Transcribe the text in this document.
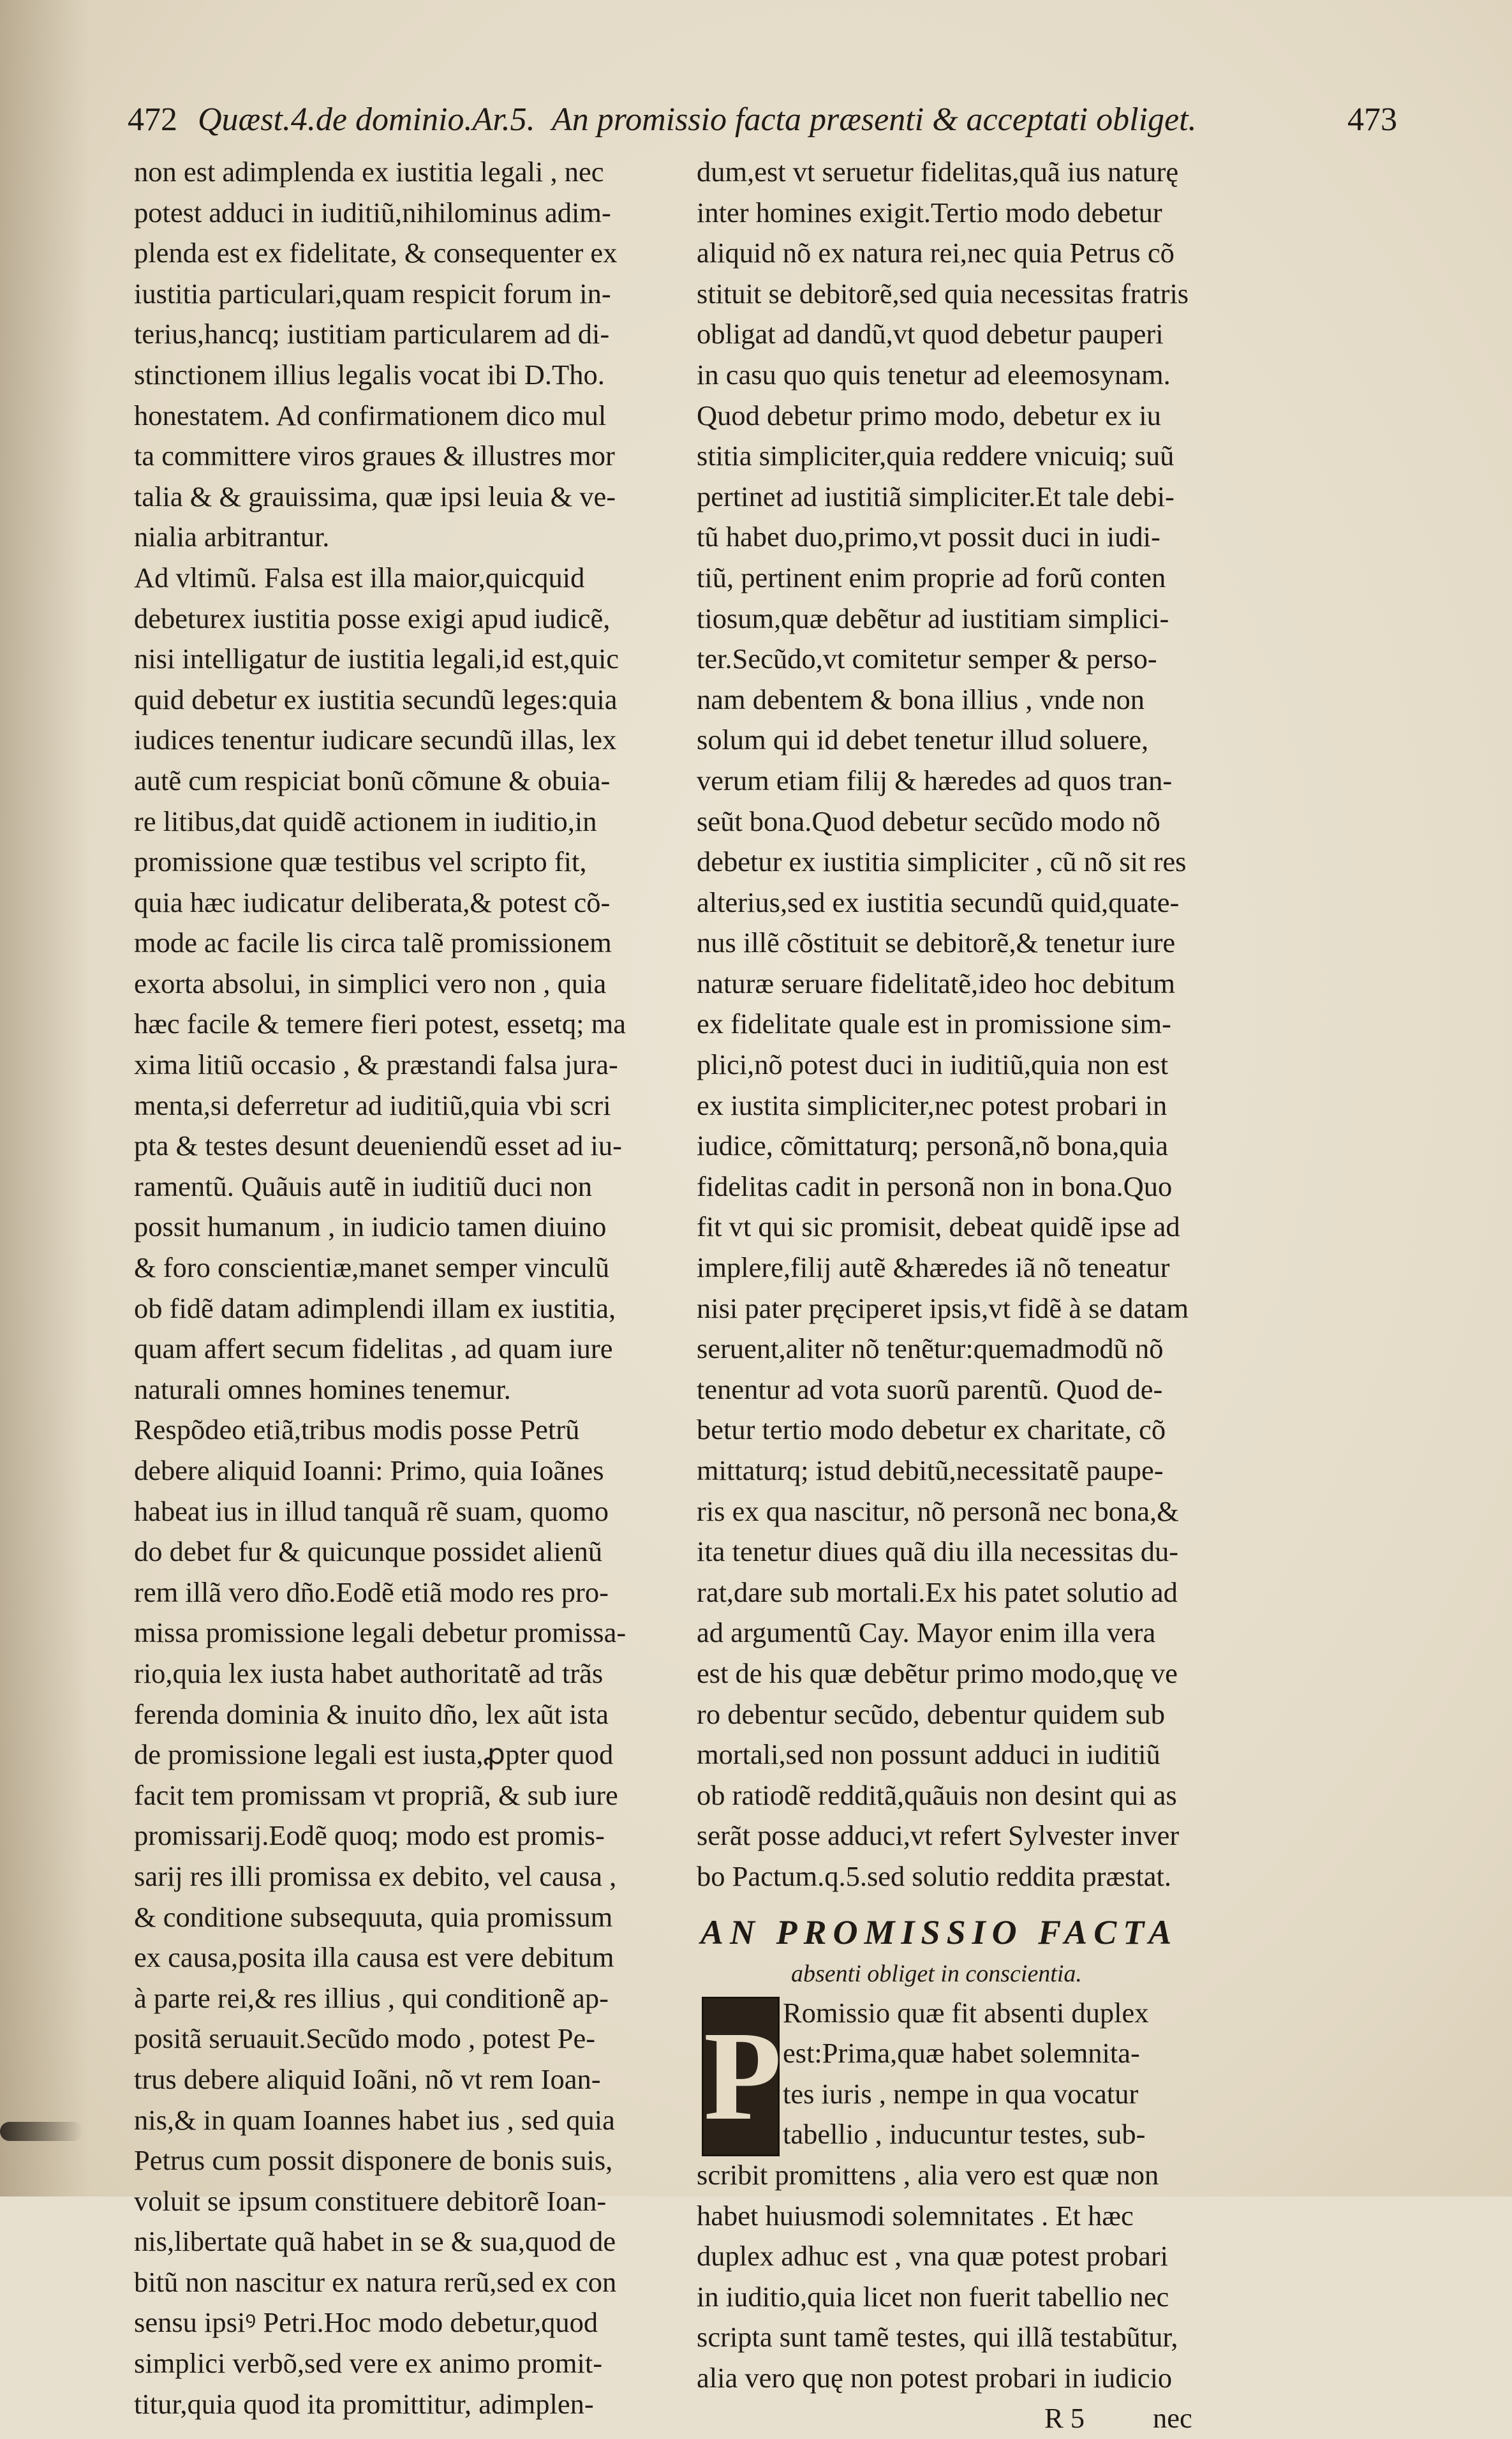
472 Quæst.4.de dominio.Ar.5. An promissio facta præsenti & acceptati obliget.	473
non est adimplenda ex iustitia legali , nec
potest adduci in iuditiũ,nihilominus adim-
plenda est ex fidelitate, & consequenter ex
iustitia particulari,quam respicit forum in-
terius,hancq; iustitiam particularem ad di-
stinctionem illius legalis vocat ibi D.Tho.
honestatem. Ad confirmationem dico mul
ta committere viros graues & illustres mor
talia & & grauissima, quæ ipsi leuia & ve-
nialia arbitrantur.
Ad vltimũ. Falsa est illa maior,quicquid
debeturex iustitia posse exigi apud iudicẽ,
nisi intelligatur de iustitia legali,id est,quic
quid debetur ex iustitia secundũ leges:quia
iudices tenentur iudicare secundũ illas, lex
autẽ cum respiciat bonũ cõmune & obuia-
re litibus,dat quidẽ actionem in iuditio,in
promissione quæ testibus vel scripto fit,
quia hæc iudicatur deliberata,& potest cõ-
mode ac facile lis circa talẽ promissionem
exorta absolui, in simplici vero non , quia
hæc facile & temere fieri potest, essetq; ma
xima litiũ occasio , & præstandi falsa jura-
menta,si deferretur ad iuditiũ,quia vbi scri
pta & testes desunt deueniendũ esset ad iu-
ramentũ. Quãuis autẽ in iuditiũ duci non
possit humanum , in iudicio tamen diuino
& foro conscientiæ,manet semper vinculũ
ob fidẽ datam adimplendi illam ex iustitia,
quam affert secum fidelitas , ad quam iure
naturali omnes homines tenemur.
Respõdeo etiã,tribus modis posse Petrũ
debere aliquid Ioanni: Primo, quia Ioãnes
habeat ius in illud tanquã rẽ suam, quomo
do debet fur & quicunque possidet alienũ
rem illã vero dño.Eodẽ etiã modo res pro-
missa promissione legali debetur promissa-
rio,quia lex iusta habet authoritatẽ ad trãs
ferenda dominia & inuito dño, lex aũt ista
de promissione legali est iusta,ꝓpter quod
facit tem promissam vt propriã, & sub iure
promissarij.Eodẽ quoq; modo est promis-
sarij res illi promissa ex debito, vel causa ,
& conditione subsequuta, quia promissum
ex causa,posita illa causa est vere debitum
à parte rei,& res illius , qui conditionẽ ap-
positã seruauit.Secũdo modo , potest Pe-
trus debere aliquid Ioãni, nõ vt rem Ioan-
nis,& in quam Ioannes habet ius , sed quia
Petrus cum possit disponere de bonis suis,
voluit se ipsum constituere debitorẽ Ioan-
nis,libertate quã habet in se & sua,quod de
bitũ non nascitur ex natura rerũ,sed ex con
sensu ipsiꝰ Petri.Hoc modo debetur,quod
simplici verbõ,sed vere ex animo promit-
titur,quia quod ita promittitur, adimplen-
dum,est vt seruetur fidelitas,quã ius naturę
inter homines exigit.Tertio modo debetur
aliquid nõ ex natura rei,nec quia Petrus cõ
stituit se debitorẽ,sed quia necessitas fratris
obligat ad dandũ,vt quod debetur pauperi
in casu quo quis tenetur ad eleemosynam.
Quod debetur primo modo, debetur ex iu
stitia simpliciter,quia reddere vnicuiq; suũ
pertinet ad iustitiã simpliciter.Et tale debi-
tũ habet duo,primo,vt possit duci in iudi-
tiũ, pertinent enim proprie ad forũ conten
tiosum,quæ debẽtur ad iustitiam simplici-
ter.Secũdo,vt comitetur semper & perso-
nam debentem & bona illius , vnde non
solum qui id debet tenetur illud soluere,
verum etiam filij & hæredes ad quos tran-
seũt bona.Quod debetur secũdo modo nõ
debetur ex iustitia simpliciter , cũ nõ sit res
alterius,sed ex iustitia secundũ quid,quate-
nus illẽ cõstituit se debitorẽ,& tenetur iure
naturæ seruare fidelitatẽ,ideo hoc debitum
ex fidelitate quale est in promissione sim-
plici,nõ potest duci in iuditiũ,quia non est
ex iustita simpliciter,nec potest probari in
iudice, cõmittaturq; personã,nõ bona,quia
fidelitas cadit in personã non in bona.Quo
fit vt qui sic promisit, debeat quidẽ ipse ad
implere,filij autẽ &hæredes iã nõ teneatur
nisi pater pręciperet ipsis,vt fidẽ à se datam
seruent,aliter nõ tenẽtur:quemadmodũ nõ
tenentur ad vota suorũ parentũ. Quod de-
betur tertio modo debetur ex charitate, cõ
mittaturq; istud debitũ,necessitatẽ paupe-
ris ex qua nascitur, nõ personã nec bona,&
ita tenetur diues quã diu illa necessitas du-
rat,dare sub mortali.Ex his patet solutio ad
ad argumentũ Cay. Mayor enim illa vera
est de his quæ debẽtur primo modo,quę ve
ro debentur secũdo, debentur quidem sub
mortali,sed non possunt adduci in iuditiũ
ob ratiodẽ redditã,quãuis non desint qui as
serãt posse adduci,vt refert Sylvester inver
bo Pactum.q.5.sed solutio reddita præstat.
AN PROMISSIO FACTA
absenti obliget in conscientia.
P Romissio quæ fit absenti duplex
est:Prima,quæ habet solemnita-
tes iuris , nempe in qua vocatur
tabellio , inducuntur testes, sub-
scribit promittens , alia vero est quæ non
habet huiusmodi solemnitates . Et hæc
duplex adhuc est , vna quæ potest probari
in iuditio,quia licet non fuerit tabellio nec
scripta sunt tamẽ testes, qui illã testabũtur,
alia vero quę non potest probari in iudicio
R 5 nec
